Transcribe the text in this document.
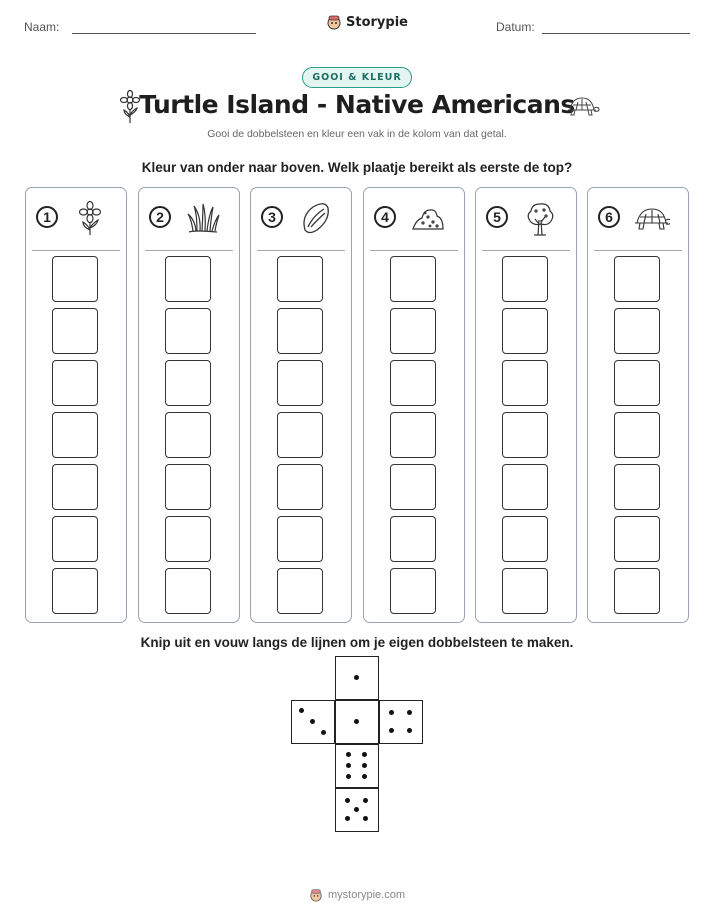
Naam:	Storypie	Datum:
GOOI & KLEUR
Turtle Island - Native Americans
Gooi de dobbelsteen en kleur een vak in de kolom van dat getal.
Kleur van onder naar boven. Welk plaatje bereikt als eerste de top?
1	2	3	4	5	6
Knip uit en vouw langs de lijnen om je eigen dobbelsteen te maken.
mystorypie.com
